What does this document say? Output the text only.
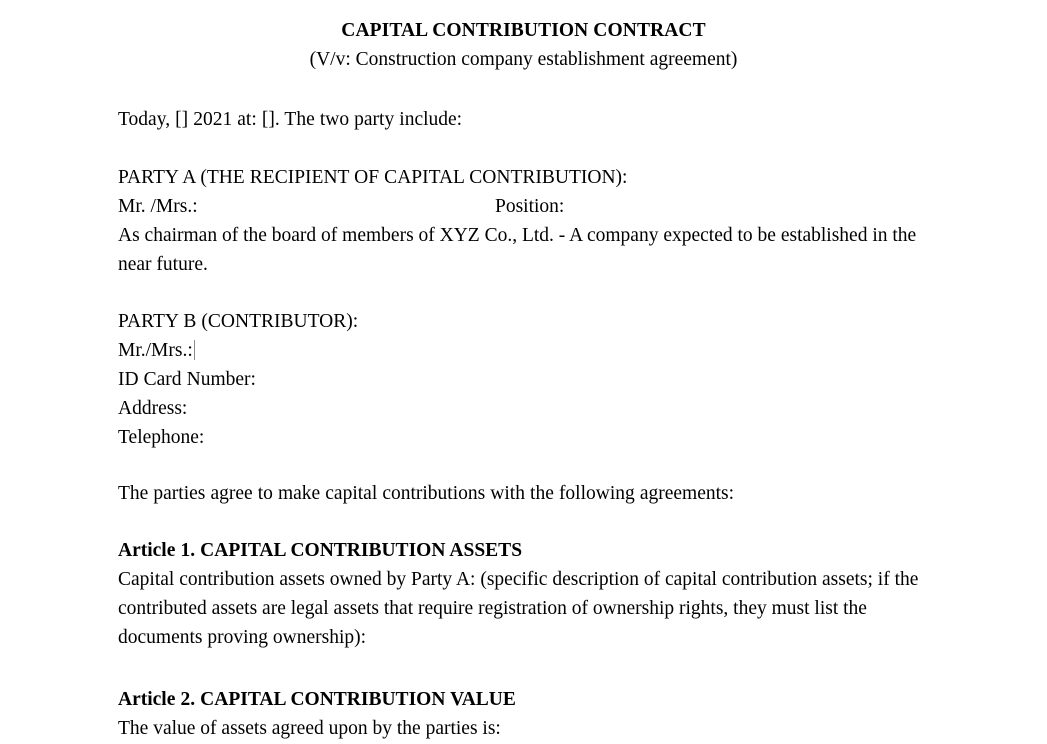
CAPITAL CONTRIBUTION CONTRACT
(V/v: Construction company establishment agreement)
Today, [] 2021 at: []. The two party include:
PARTY A (THE RECIPIENT OF CAPITAL CONTRIBUTION):
Mr. /Mrs.:	Position:
As chairman of the board of members of XYZ Co., Ltd. - A company expected to be established in the near future.
PARTY B (CONTRIBUTOR):
Mr./Mrs.:
ID Card Number:
Address:
Telephone:
The parties agree to make capital contributions with the following agreements:
Article 1. CAPITAL CONTRIBUTION ASSETS
Capital contribution assets owned by Party A: (specific description of capital contribution assets; if the contributed assets are legal assets that require registration of ownership rights, they must list the documents proving ownership):
Article 2. CAPITAL CONTRIBUTION VALUE
The value of assets agreed upon by the parties is:
